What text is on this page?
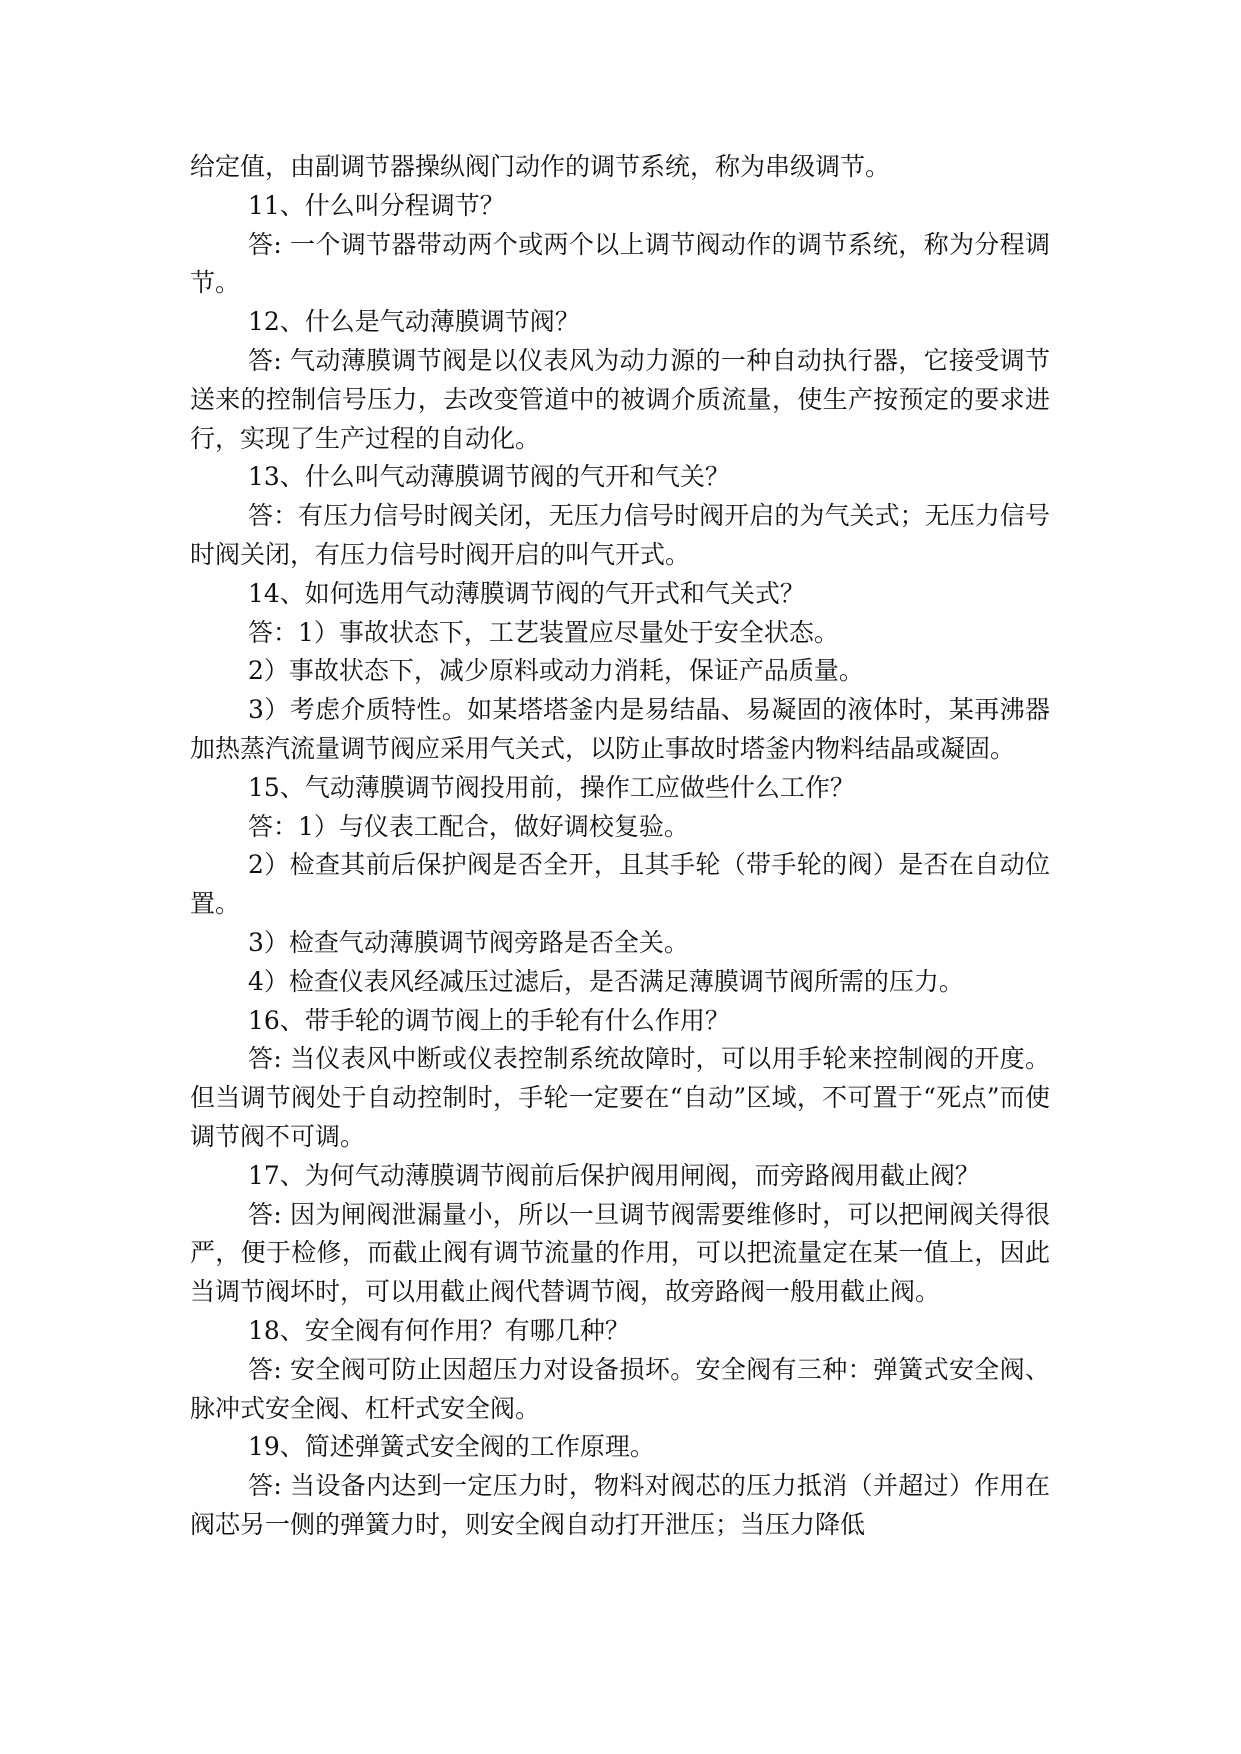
给定值，由副调节器操纵阀门动作的调节系统，称为串级调节。

11、什么叫分程调节？

答: 一个调节器带动两个或两个以上调节阀动作的调节系统，称为分程调节。

12、什么是气动薄膜调节阀？

答: 气动薄膜调节阀是以仪表风为动力源的一种自动执行器，它接受调节送来的控制信号压力，去改变管道中的被调介质流量，使生产按预定的要求进行，实现了生产过程的自动化。

13、什么叫气动薄膜调节阀的气开和气关？

答：有压力信号时阀关闭，无压力信号时阀开启的为气关式；无压力信号时阀关闭，有压力信号时阀开启的叫气开式。

14、如何选用气动薄膜调节阀的气开式和气关式？

答：1）事故状态下，工艺装置应尽量处于安全状态。

2）事故状态下，减少原料或动力消耗，保证产品质量。

3）考虑介质特性。如某塔塔釜内是易结晶、易凝固的液体时，某再沸器加热蒸汽流量调节阀应采用气关式，以防止事故时塔釜内物料结晶或凝固。

15、气动薄膜调节阀投用前，操作工应做些什么工作？

答：1）与仪表工配合，做好调校复验。

2）检查其前后保护阀是否全开，且其手轮（带手轮的阀）是否在自动位置。

3）检查气动薄膜调节阀旁路是否全关。

4）检查仪表风经减压过滤后，是否满足薄膜调节阀所需的压力。

16、带手轮的调节阀上的手轮有什么作用？

答: 当仪表风中断或仪表控制系统故障时，可以用手轮来控制阀的开度。但当调节阀处于自动控制时，手轮一定要在“自动”区域，不可置于“死点”而使调节阀不可调。

17、为何气动薄膜调节阀前后保护阀用闸阀，而旁路阀用截止阀？

答: 因为闸阀泄漏量小，所以一旦调节阀需要维修时，可以把闸阀关得很严，便于检修，而截止阀有调节流量的作用，可以把流量定在某一值上，因此当调节阀坏时，可以用截止阀代替调节阀，故旁路阀一般用截止阀。

18、安全阀有何作用？有哪几种？

答: 安全阀可防止因超压力对设备损坏。安全阀有三种：弹簧式安全阀、脉冲式安全阀、杠杆式安全阀。

19、简述弹簧式安全阀的工作原理。

答: 当设备内达到一定压力时，物料对阀芯的压力抵消（并超过）作用在阀芯另一侧的弹簧力时，则安全阀自动打开泄压；当压力降低
